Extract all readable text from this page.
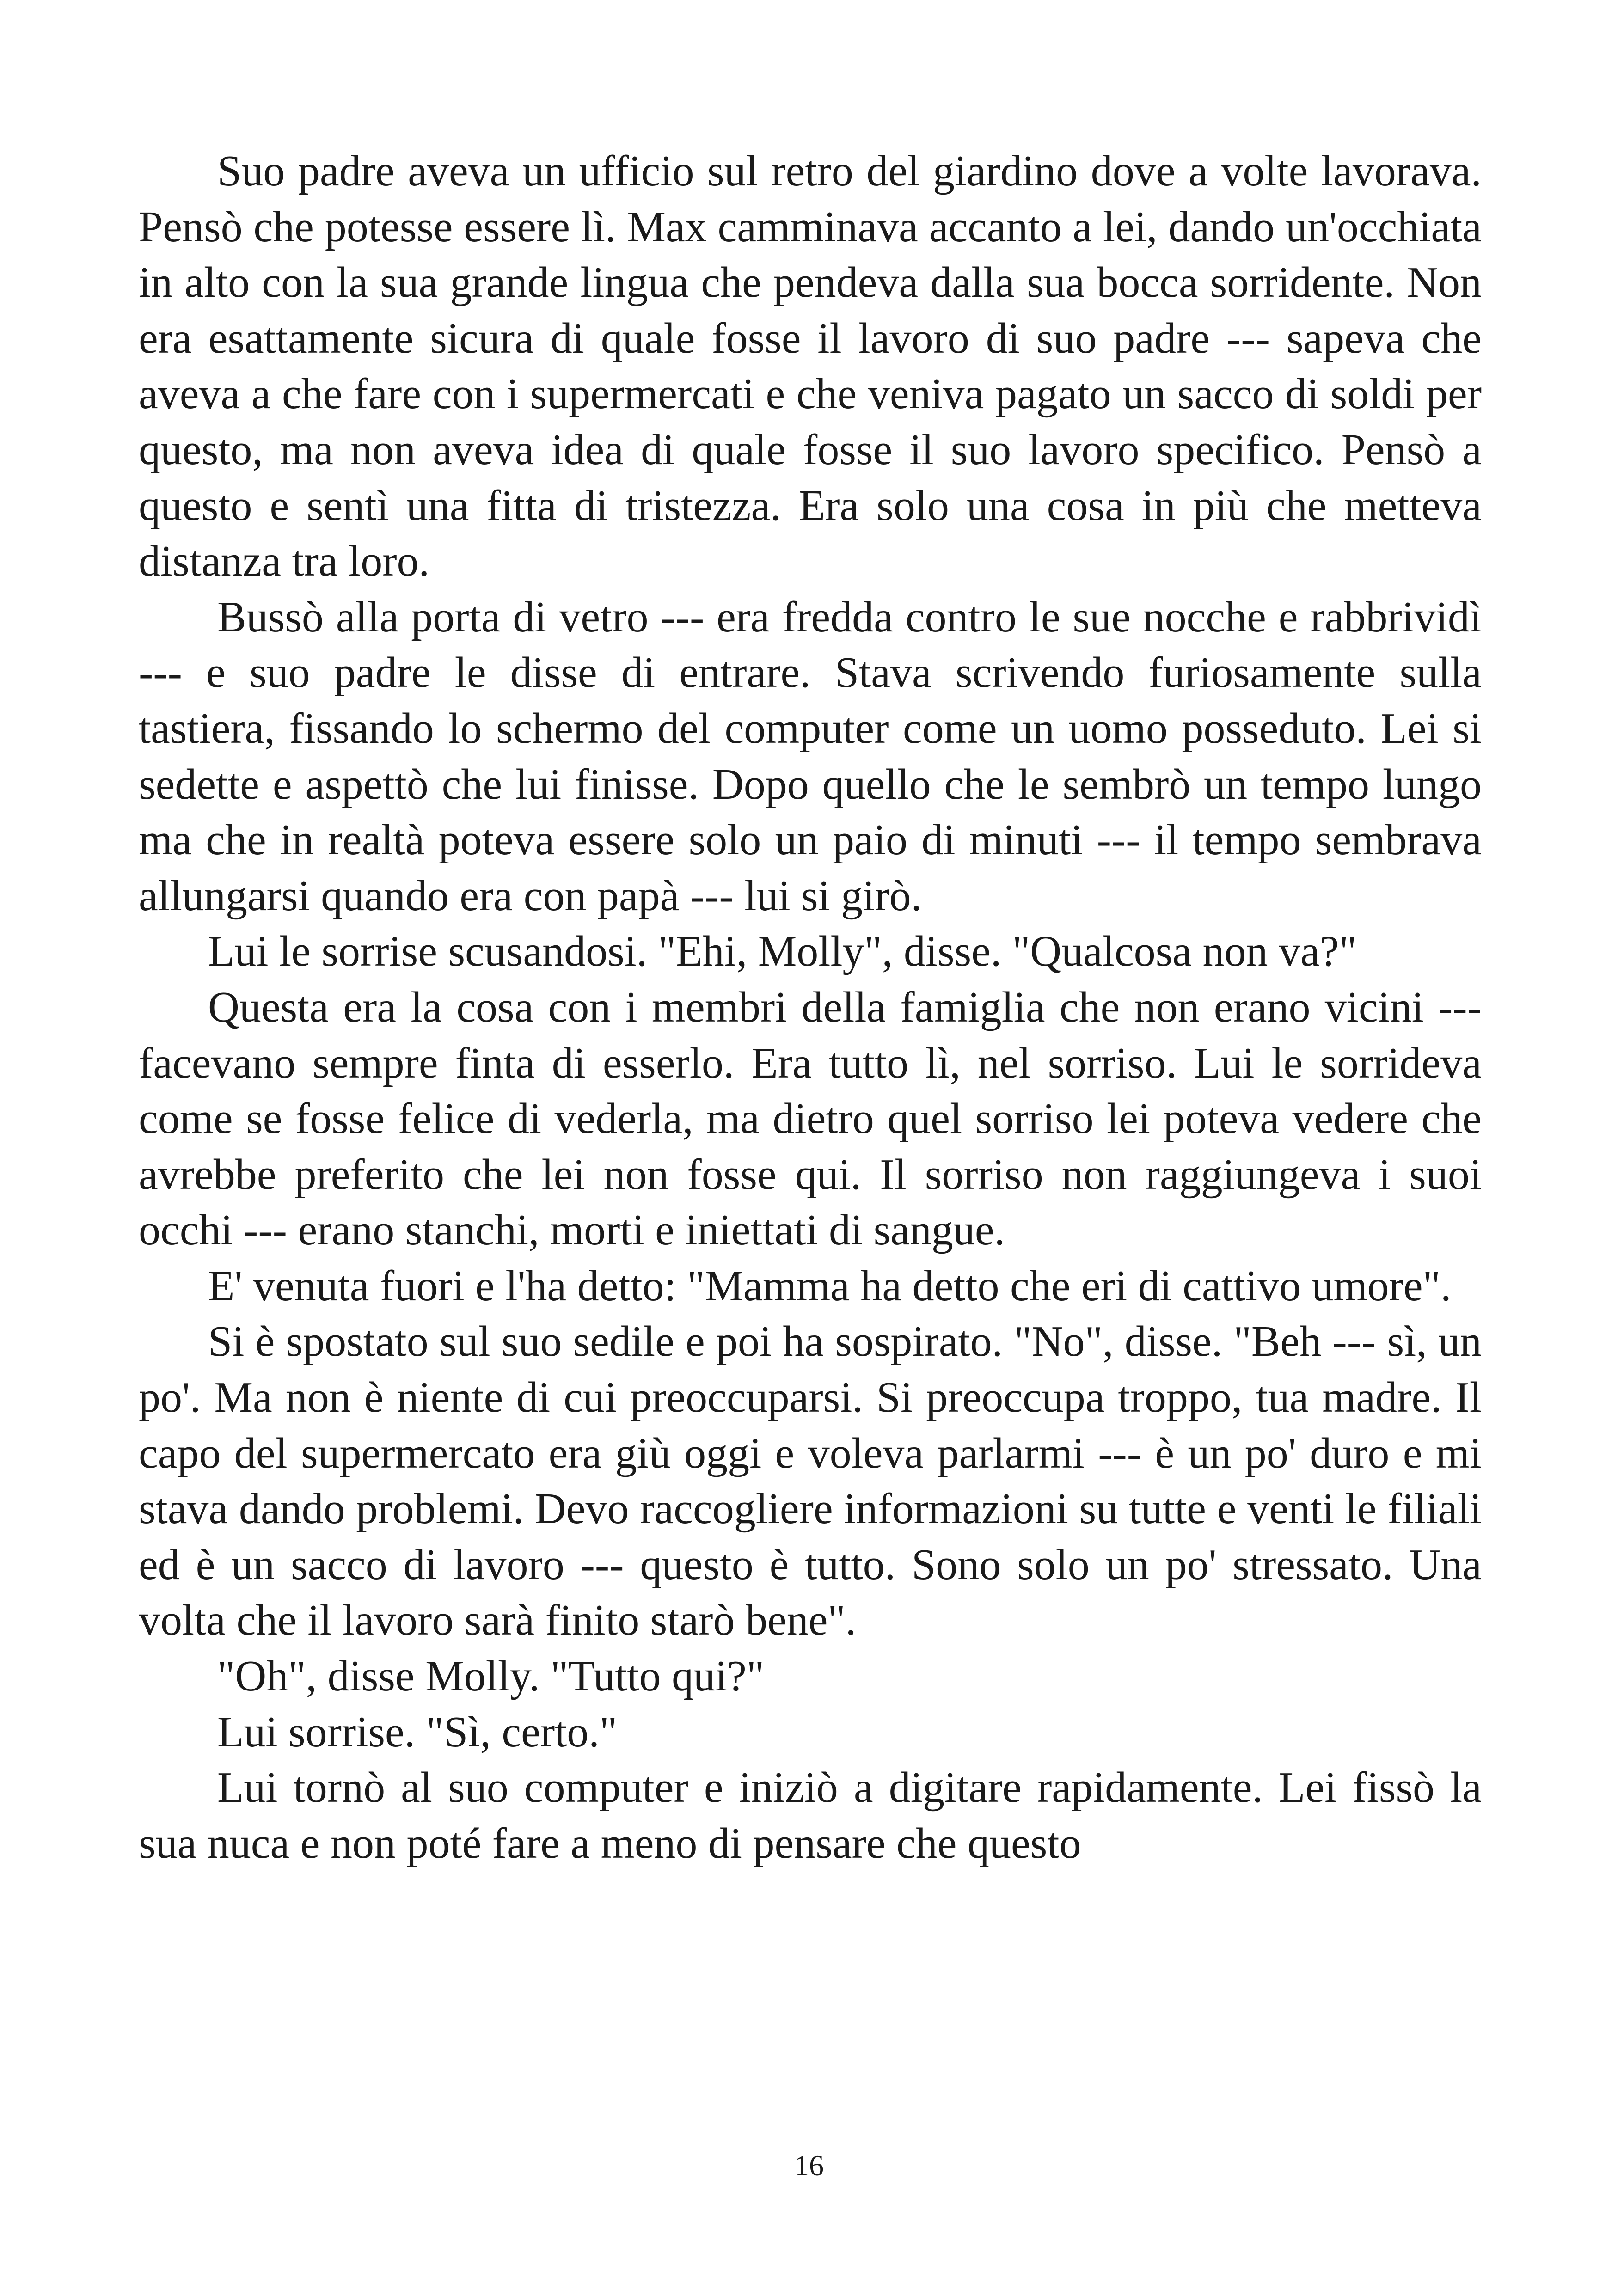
Suo padre aveva un ufficio sul retro del giardino dove a volte lavorava. Pensò che potesse essere lì. Max camminava accanto a lei, dando un'occhiata in alto con la sua grande lingua che pendeva dalla sua bocca sorridente. Non era esattamente sicura di quale fosse il lavoro di suo padre --- sapeva che aveva a che fare con i supermercati e che veniva pagato un sacco di soldi per questo, ma non aveva idea di quale fosse il suo lavoro specifico. Pensò a questo e sentì una fitta di tristezza. Era solo una cosa in più che metteva distanza tra loro.

Bussò alla porta di vetro --- era fredda contro le sue nocche e rabbrividì --- e suo padre le disse di entrare. Stava scrivendo furiosamente sulla tastiera, fissando lo schermo del computer come un uomo posseduto. Lei si sedette e aspettò che lui finisse. Dopo quello che le sembrò un tempo lungo ma che in realtà poteva essere solo un paio di minuti --- il tempo sembrava allungarsi quando era con papà --- lui si girò.

Lui le sorrise scusandosi. "Ehi, Molly", disse. "Qualcosa non va?"

Questa era la cosa con i membri della famiglia che non erano vicini --- facevano sempre finta di esserlo. Era tutto lì, nel sorriso. Lui le sorrideva come se fosse felice di vederla, ma dietro quel sorriso lei poteva vedere che avrebbe preferito che lei non fosse qui. Il sorriso non raggiungeva i suoi occhi --- erano stanchi, morti e iniettati di sangue.

E' venuta fuori e l'ha detto: "Mamma ha detto che eri di cattivo umore".

Si è spostato sul suo sedile e poi ha sospirato. "No", disse. "Beh --- sì, un po'. Ma non è niente di cui preoccuparsi. Si preoccupa troppo, tua madre. Il capo del supermercato era giù oggi e voleva parlarmi --- è un po' duro e mi stava dando problemi. Devo raccogliere informazioni su tutte e venti le filiali ed è un sacco di lavoro --- questo è tutto. Sono solo un po' stressato. Una volta che il lavoro sarà finito starò bene".

"Oh", disse Molly. "Tutto qui?"

Lui sorrise. "Sì, certo."

Lui tornò al suo computer e iniziò a digitare rapidamente. Lei fissò la sua nuca e non poté fare a meno di pensare che questo

16
